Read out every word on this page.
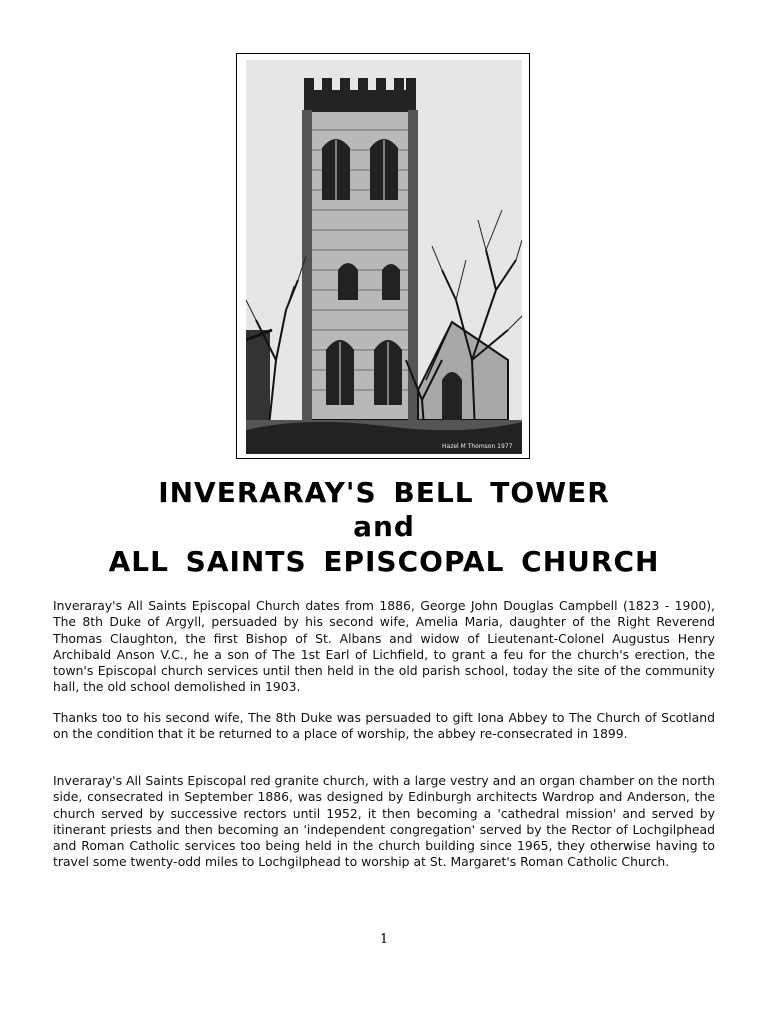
Hazel M Thomson 1977
INVERARAY'S BELL TOWER
and
ALL SAINTS EPISCOPAL CHURCH

Inveraray's All Saints Episcopal Church dates from 1886, George John Douglas Campbell (1823 - 1900), The 8th Duke of Argyll, persuaded by his second wife, Amelia Maria, daughter of the Right Reverend Thomas Claughton, the first Bishop of St. Albans and widow of Lieutenant-Colonel Augustus Henry Archibald Anson V.C., he a son of The 1st Earl of Lichfield, to grant a feu for the church's erection, the town's Episcopal church services until then held in the old parish school, today the site of the community hall, the old school demolished in 1903.

Thanks too to his second wife, The 8th Duke was persuaded to gift Iona Abbey to The Church of Scotland on the condition that it be returned to a place of worship, the abbey re-consecrated in 1899.

Inveraray's All Saints Episcopal red granite church, with a large vestry and an organ chamber on the north side, consecrated in September 1886, was designed by Edinburgh architects Wardrop and Anderson, the church served by successive rectors until 1952, it then becoming a 'cathedral mission' and served by itinerant priests and then becoming an 'independent congregation' served by the Rector of Lochgilphead and Roman Catholic services too being held in the church building since 1965, they otherwise having to travel some twenty-odd miles to Lochgilphead to worship at St. Margaret's Roman Catholic Church.

1
